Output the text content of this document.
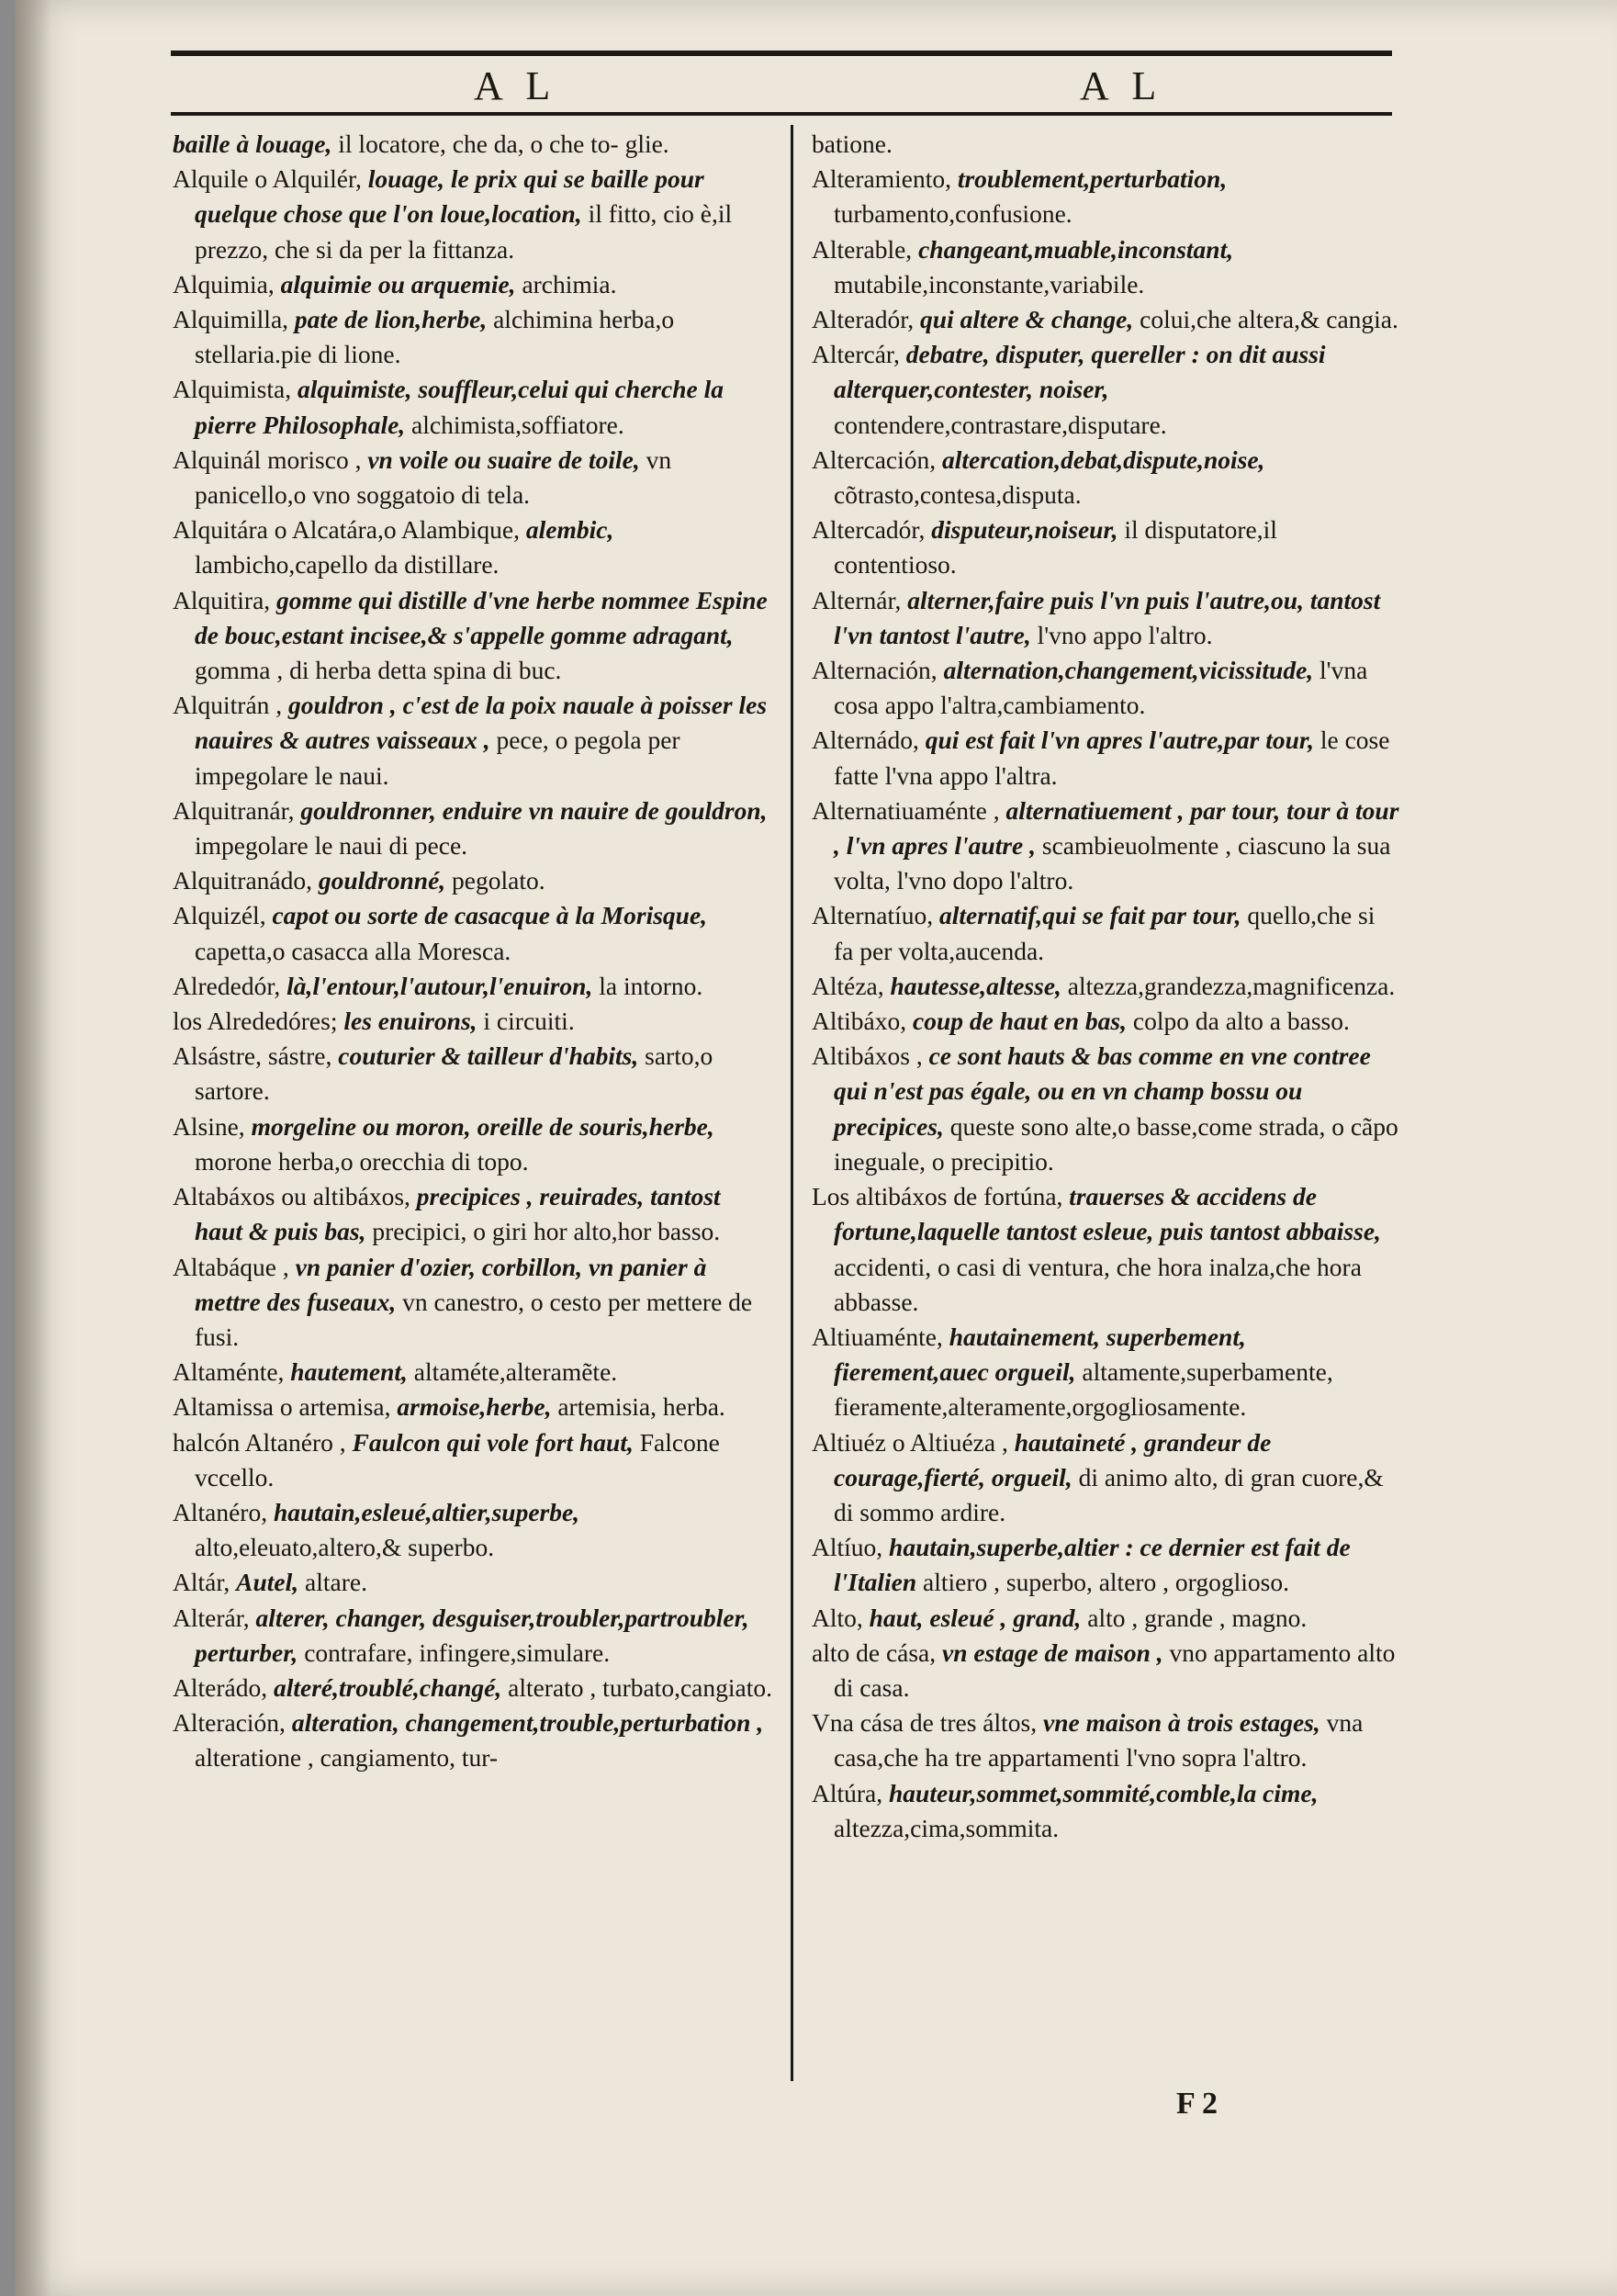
A L	A L

baille à louage, il locatore, che da, o che to- glie.

Alquile o Alquilér, louage, le prix qui se baille pour quelque chose que l'on loue,location, il fitto, cio è,il prezzo, che si da per la fittanza.

Alquimia, alquimie ou arquemie, archimia.

Alquimilla, pate de lion,herbe, alchimina herba,o stellaria.pie di lione.

Alquimista, alquimiste, souffleur,celui qui cherche la pierre Philosophale, alchimista,soffiatore.

Alquinál morisco , vn voile ou suaire de toile, vn panicello,o vno soggatoio di tela.

Alquitára o Alcatára,o Alambique, alembic, lambicho,capello da distillare.

Alquitira, gomme qui distille d'vne herbe nommee Espine de bouc,estant incisee,& s'appelle gomme adragant, gomma , di herba detta spina di buc.

Alquitrán , gouldron , c'est de la poix nauale à poisser les nauires & autres vaisseaux , pece, o pegola per impegolare le naui.

Alquitranár, gouldronner, enduire vn nauire de gouldron, impegolare le naui di pece.

Alquitranádo, gouldronné, pegolato.

Alquizél, capot ou sorte de casacque à la Morisque, capetta,o casacca alla Moresca.

Alrededór, là,l'entour,l'autour,l'enuiron, la intorno.

los Alrededóres; les enuirons, i circuiti.

Alsástre, sástre, couturier & tailleur d'habits, sarto,o sartore.

Alsine, morgeline ou moron, oreille de souris,herbe, morone herba,o orecchia di topo.

Altabáxos ou altibáxos, precipices , reuirades, tantost haut & puis bas, precipici, o giri hor alto,hor basso.

Altabáque , vn panier d'ozier, corbillon, vn panier à mettre des fuseaux, vn canestro, o cesto per mettere de fusi.

Altaménte, hautement, altaméte,alteramẽte.

Altamissa o artemisa, armoise,herbe, artemisia, herba.

halcón Altanéro , Faulcon qui vole fort haut, Falcone vccello.

Altanéro, hautain,esleué,altier,superbe, alto,eleuato,altero,& superbo.

Altár, Autel, altare.

Alterár, alterer, changer, desguiser,troubler,partroubler, perturber, contrafare, infingere,simulare.

Alterádo, alteré,troublé,changé, alterato , turbato,cangiato.

Alteración, alteration, changement,trouble,perturbation , alteratione , cangiamento, tur-

batione.

Alteramiento, troublement,perturbation, turbamento,confusione.

Alterable, changeant,muable,inconstant, mutabile,inconstante,variabile.

Alteradór, qui altere & change, colui,che altera,& cangia.

Altercár, debatre, disputer, quereller : on dit aussi alterquer,contester, noiser, contendere,contrastare,disputare.

Altercación, altercation,debat,dispute,noise, cõtrasto,contesa,disputa.

Altercadór, disputeur,noiseur, il disputatore,il contentioso.

Alternár, alterner,faire puis l'vn puis l'autre,ou, tantost l'vn tantost l'autre, l'vno appo l'altro.

Alternación, alternation,changement,vicissitude, l'vna cosa appo l'altra,cambiamento.

Alternádo, qui est fait l'vn apres l'autre,par tour, le cose fatte l'vna appo l'altra.

Alternatiuaménte , alternatiuement , par tour, tour à tour , l'vn apres l'autre , scambieuolmente , ciascuno la sua volta, l'vno dopo l'altro.

Alternatíuo, alternatif,qui se fait par tour, quello,che si fa per volta,aucenda.

Altéza, hautesse,altesse, altezza,grandezza,magnificenza.

Altibáxo, coup de haut en bas, colpo da alto a basso.

Altibáxos , ce sont hauts & bas comme en vne contree qui n'est pas égale, ou en vn champ bossu ou precipices, queste sono alte,o basse,come strada, o cãpo ineguale, o precipitio.

Los altibáxos de fortúna, trauerses & accidens de fortune,laquelle tantost esleue, puis tantost abbaisse, accidenti, o casi di ventura, che hora inalza,che hora abbasse.

Altiuaménte, hautainement, superbement, fierement,auec orgueil, altamente,superbamente, fieramente,alteramente,orgogliosamente.

Altiuéz o Altiuéza , hautaineté , grandeur de courage,fierté, orgueil, di animo alto, di gran cuore,& di sommo ardire.

Altíuo, hautain,superbe,altier : ce dernier est fait de l'Italien altiero , superbo, altero , orgoglioso.

Alto, haut, esleué , grand, alto , grande , magno.

alto de cása, vn estage de maison , vno appartamento alto di casa.

Vna cása de tres áltos, vne maison à trois estages, vna casa,che ha tre appartamenti l'vno sopra l'altro.

Altúra, hauteur,sommet,sommité,comble,la cime, altezza,cima,sommita.

F 2
